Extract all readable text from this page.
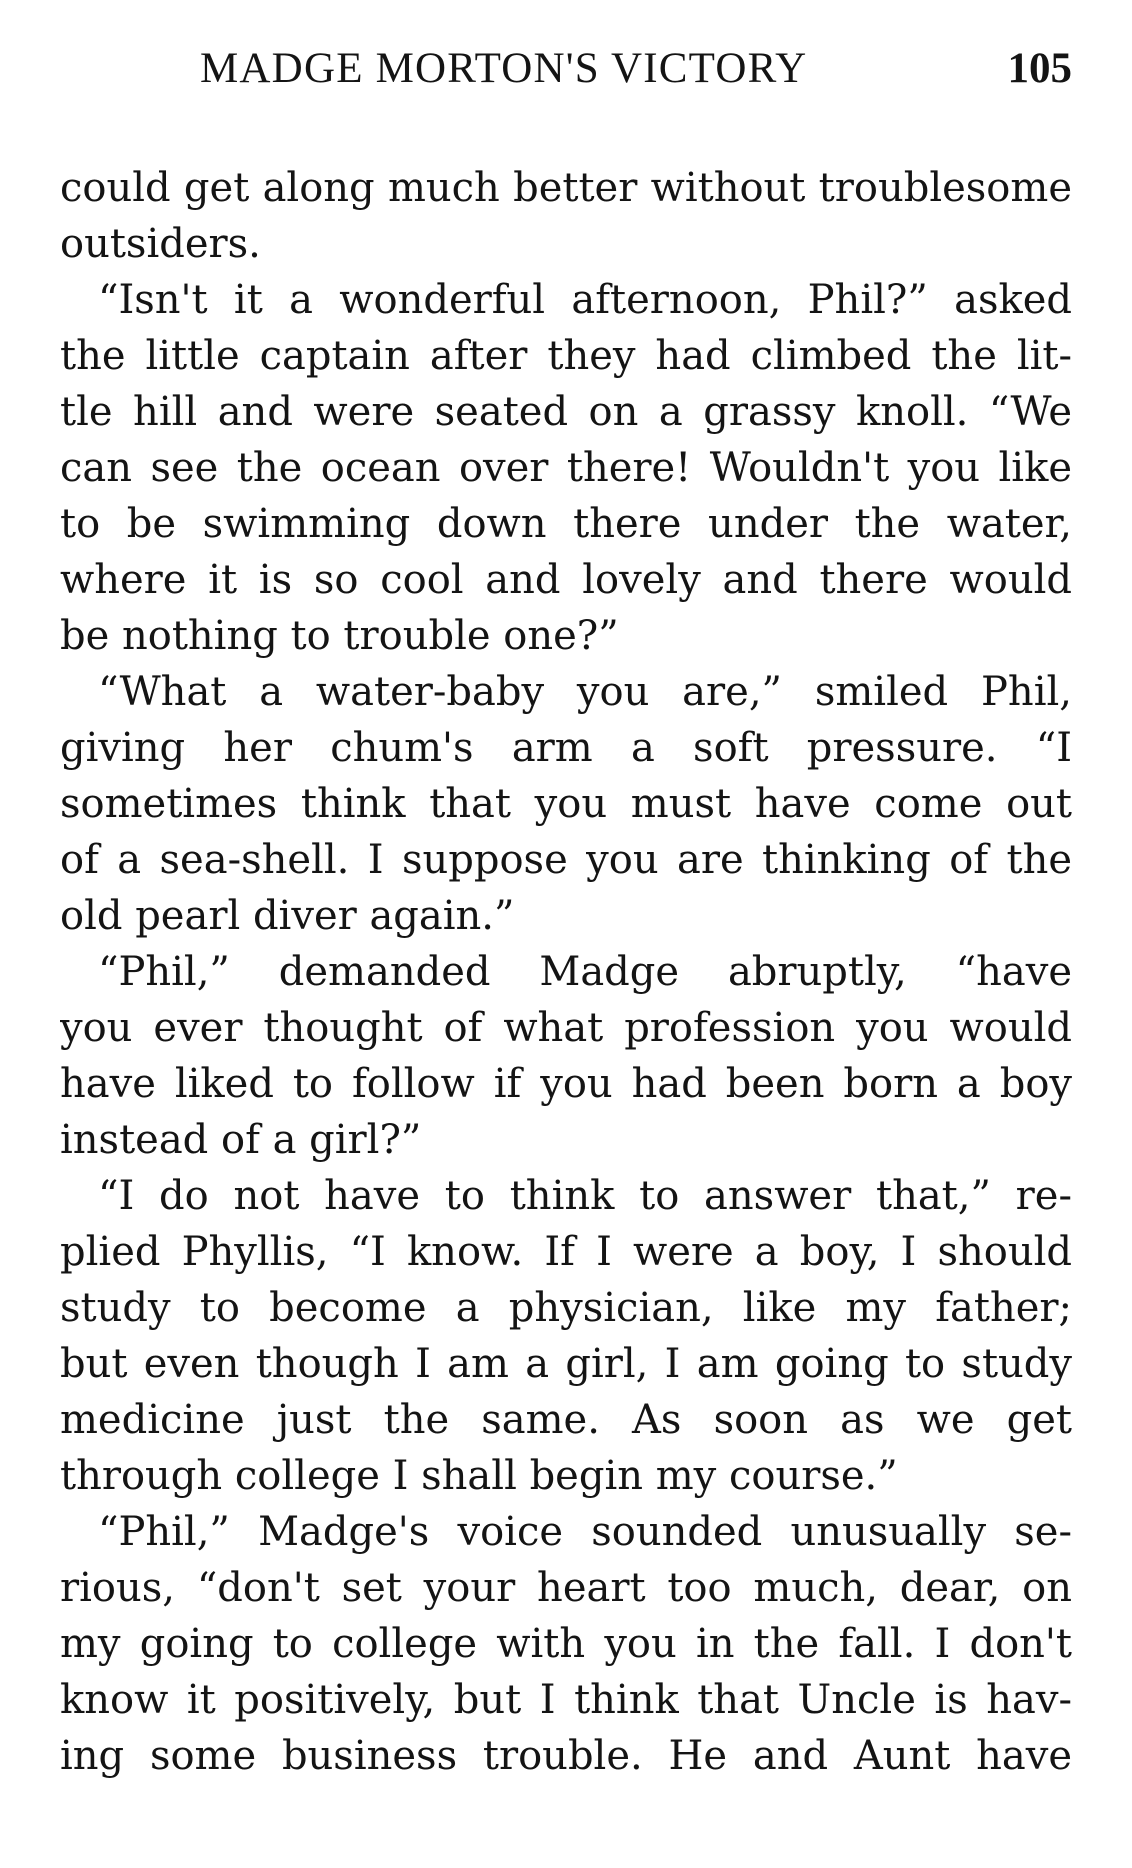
MADGE MORTON'S VICTORY	105
could get along much better without troublesome
outsiders.
“Isn't it a wonderful afternoon, Phil?” asked
the little captain after they had climbed the lit-
tle hill and were seated on a grassy knoll. “We
can see the ocean over there! Wouldn't you like
to be swimming down there under the water,
where it is so cool and lovely and there would
be nothing to trouble one?”
“What a water-baby you are,” smiled Phil,
giving her chum's arm a soft pressure. “I
sometimes think that you must have come out
of a sea-shell. I suppose you are thinking of the
old pearl diver again.”
“Phil,” demanded Madge abruptly, “have
you ever thought of what profession you would
have liked to follow if you had been born a boy
instead of a girl?”
“I do not have to think to answer that,” re-
plied Phyllis, “I know. If I were a boy, I should
study to become a physician, like my father;
but even though I am a girl, I am going to study
medicine just the same. As soon as we get
through college I shall begin my course.”
“Phil,” Madge's voice sounded unusually se-
rious, “don't set your heart too much, dear, on
my going to college with you in the fall. I don't
know it positively, but I think that Uncle is hav-
ing some business trouble. He and Aunt have
